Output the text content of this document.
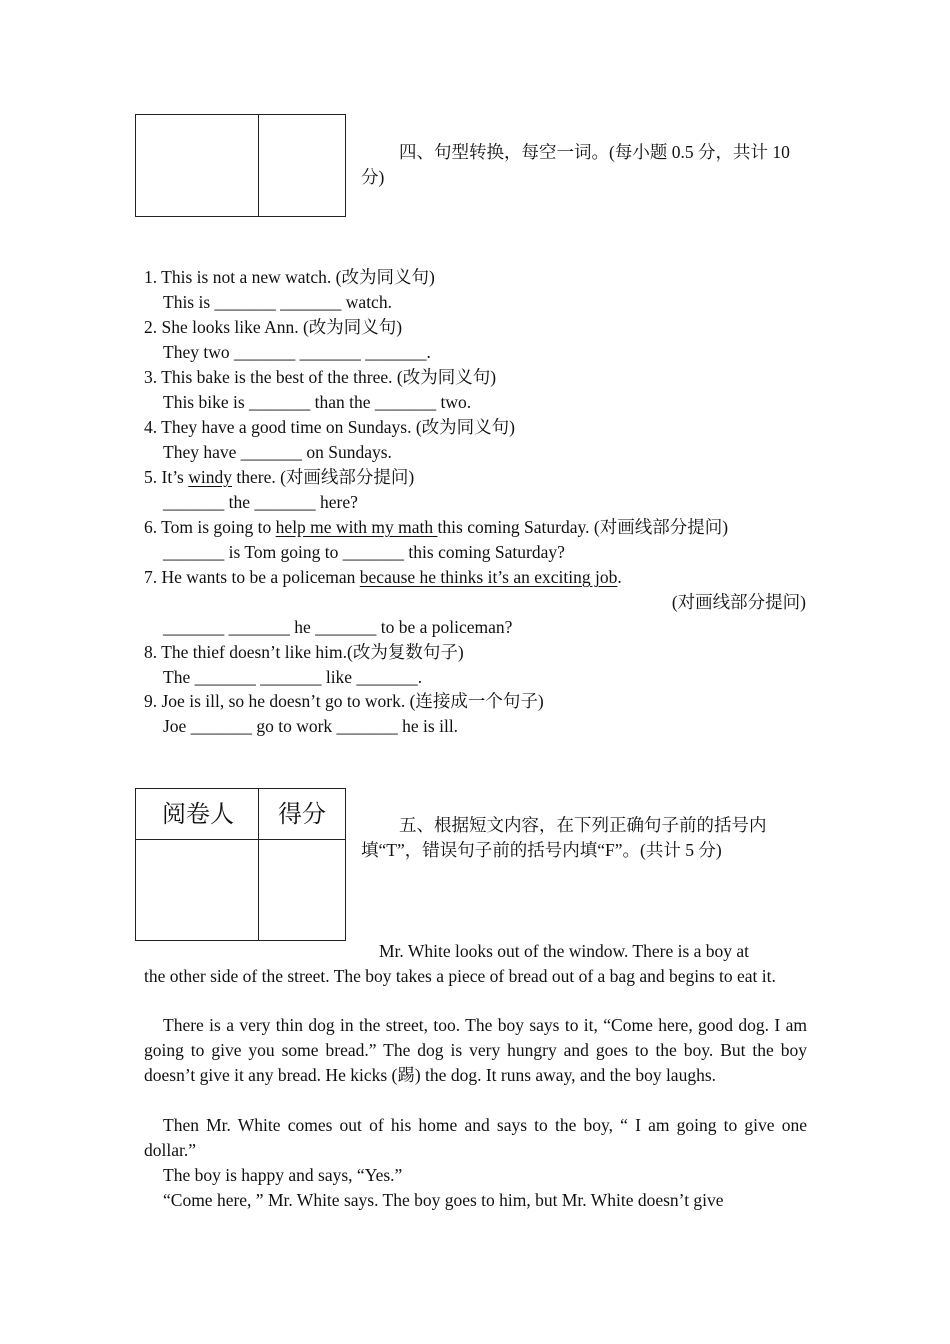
四、句型转换，每空一词。(每小题 0.5 分，共计 10 分)
1. This is not a new watch. (改为同义句)
This is _______ _______ watch.
2. She looks like Ann. (改为同义句)
They two _______ _______ _______.
3. This bake is the best of the three. (改为同义句)
This bike is _______ than the _______ two.
4. They have a good time on Sundays. (改为同义句)
They have _______ on Sundays.
5. It’s windy there. (对画线部分提问)
_______ the _______ here?
6. Tom is going to help me with my math this coming Saturday. (对画线部分提问)
_______ is Tom going to _______ this coming Saturday?
7. He wants to be a policeman because he thinks it’s an exciting job.
(对画线部分提问)
_______ _______ he _______ to be a policeman?
8. The thief doesn’t like him.(改为复数句子)
The _______ _______ like _______.
9. Joe is ill, so he doesn’t go to work. (连接成一个句子)
Joe _______ go to work _______ he is ill.
阅卷人 得分	五、根据短文内容，在下列正确句子前的括号内填“T”，错误句子前的括号内填“F”。(共计 5 分)
Mr. White looks out of the window. There is a boy at
the other side of the street. The boy takes a piece of bread out of a bag and begins to eat it.
There is a very thin dog in the street, too. The boy says to it, “Come here, good dog. I am going to give you some bread.” The dog is very hungry and goes to the boy. But the boy doesn’t give it any bread. He kicks (踢) the dog. It runs away, and the boy laughs.
Then Mr. White comes out of his home and says to the boy, “ I am going to give one dollar.”
The boy is happy and says, “Yes.”
“Come here, ” Mr. White says. The boy goes to him, but Mr. White doesn’t give
